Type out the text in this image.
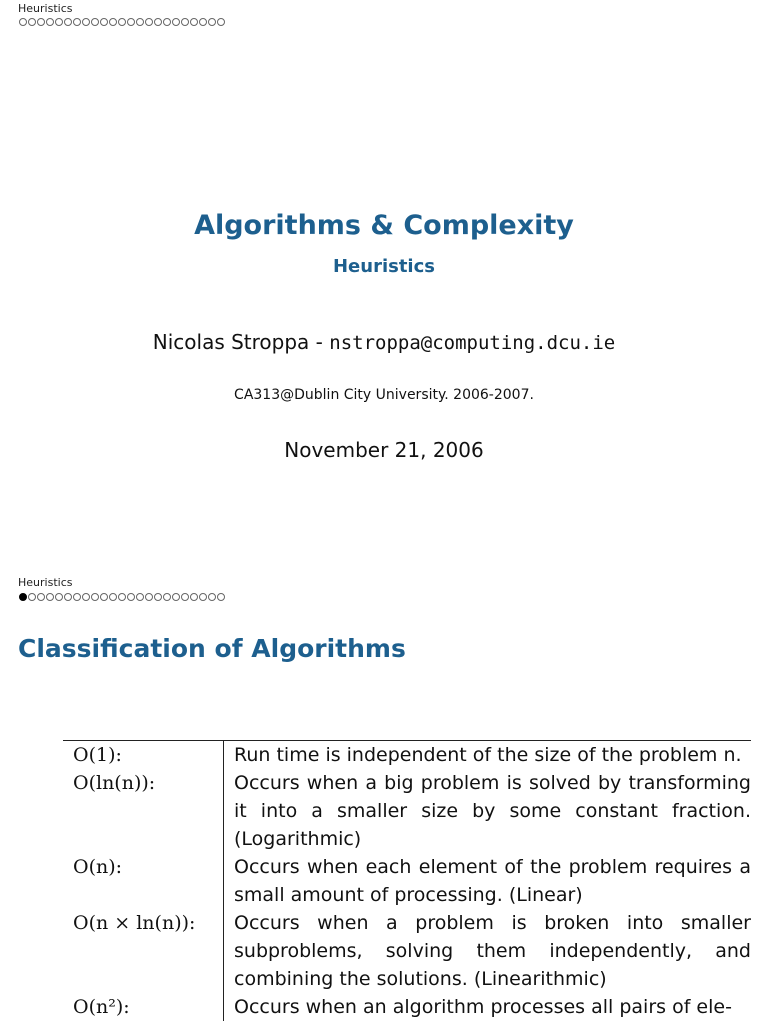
Heuristics
Algorithms & Complexity
Heuristics
Nicolas Stroppa - nstroppa@computing.dcu.ie
CA313@Dublin City University. 2006-2007.
November 21, 2006
Heuristics
Classification of Algorithms
O(1):	Run time is independent of the size of the problem n.
O(ln(n)):	Occurs when a big problem is solved by transforming it into a smaller size by some constant fraction. (Logarithmic)
O(n):	Occurs when each element of the problem requires a small amount of processing. (Linear)
O(n × ln(n)):	Occurs when a problem is broken into smaller subproblems, solving them independently, and combining the solutions. (Linearithmic)
O(n²):	Occurs when an algorithm processes all pairs of ele-
